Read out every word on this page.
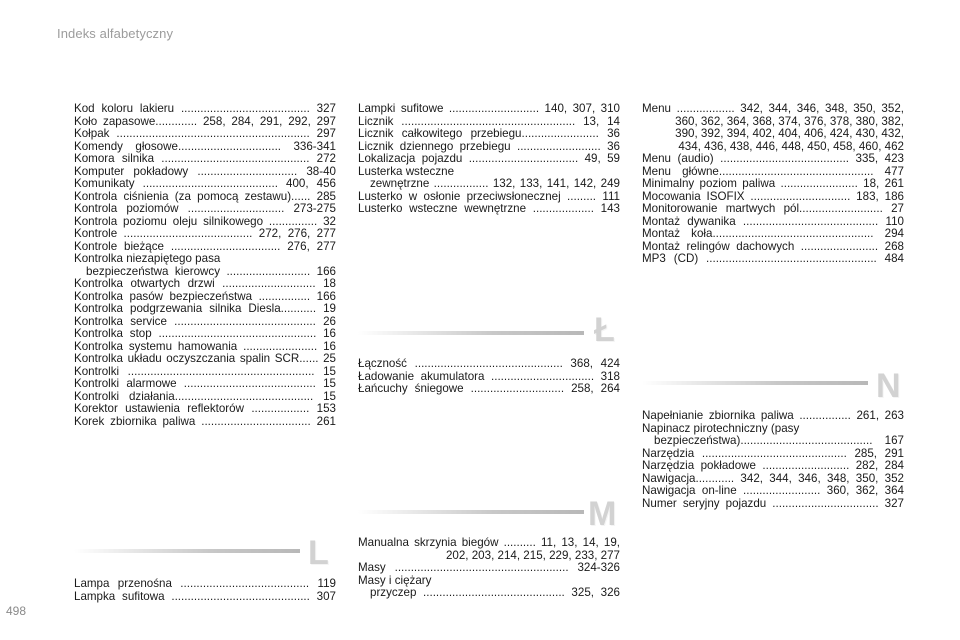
Indeks alfabetyczny
Kod koloru lakieru ........................................ 327
Koło zapasowe............. 258, 284, 291, 292, 297
Kołpak ............................................................ 297
Komendy głosowe................................ 336-341
Komora silnika .............................................. 272
Komputer pokładowy ............................... 38-40
Komunikaty .......................................... 400, 456
Kontrola ciśnienia (za pomocą zestawu)...... 285
Kontrola poziomów .............................. 273-275
Kontrola poziomu oleju silnikowego ............... 32
Kontrole ........................................ 272, 276, 277
Kontrole bieżące .................................. 276, 277
Kontrolka niezapiętego pasa
bezpieczeństwa kierowcy .......................... 166
Kontrolka otwartych drzwi ............................. 18
Kontrolka pasów bezpieczeństwa ................ 166
Kontrolka podgrzewania silnika Diesla........... 19
Kontrolka service ............................................ 26
Kontrolka stop ................................................. 16
Kontrolka systemu hamowania ....................... 16
Kontrolka układu oczyszczania spalin SCR...... 25
Kontrolki .......................................................... 15
Kontrolki alarmowe ......................................... 15
Kontrolki działania........................................... 15
Korektor ustawienia reflektorów .................. 153
Korek zbiornika paliwa .................................. 261
L
Lampa przenośna ........................................ 119
Lampka sufitowa ........................................... 307
Lampki sufitowe ............................ 140, 307, 310
Licznik ...................................................... 13, 14
Licznik całkowitego przebiegu........................ 36
Licznik dziennego przebiegu .......................... 36
Lokalizacja pojazdu .................................. 49, 59
Lusterka wsteczne
zewnętrzne ................. 132, 133, 141, 142, 249
Lusterko w osłonie przeciwsłonecznej ......... 111
Lusterko wsteczne wewnętrzne ................... 143
Ł
Łączność .............................................. 368, 424
Ładowanie akumulatora ................................ 318
Łańcuchy śniegowe ............................. 258, 264
M
Manualna skrzynia biegów .......... 11, 13, 14, 19,
202, 203, 214, 215, 229, 233, 277
Masy ...................................................... 324-326
Masy i ciężary
przyczep ............................................ 325, 326
Menu .................. 342, 344, 346, 348, 350, 352,
360, 362, 364, 368, 374, 376, 378, 380, 382,
390, 392, 394, 402, 404, 406, 424, 430, 432,
434, 436, 438, 446, 448, 450, 458, 460, 462
Menu (audio) ........................................ 335, 423
Menu główne................................................ 477
Minimalny poziom paliwa ........................ 18, 261
Mocowania ISOFIX ............................... 183, 186
Monitorowanie martwych pól.......................... 27
Montaż dywanika .......................................... 110
Montaż koła.................................................. 294
Montaż relingów dachowych ........................ 268
MP3 (CD) ..................................................... 484
N
Napełnianie zbiornika paliwa ................ 261, 263
Napinacz pirotechniczny (pasy
bezpieczeństwa)......................................... 167
Narzędzia ............................................. 285, 291
Narzędzia pokładowe ........................... 282, 284
Nawigacja............ 342, 344, 346, 348, 350, 352
Nawigacja on-line ........................ 360, 362, 364
Numer seryjny pojazdu ................................. 327
498
